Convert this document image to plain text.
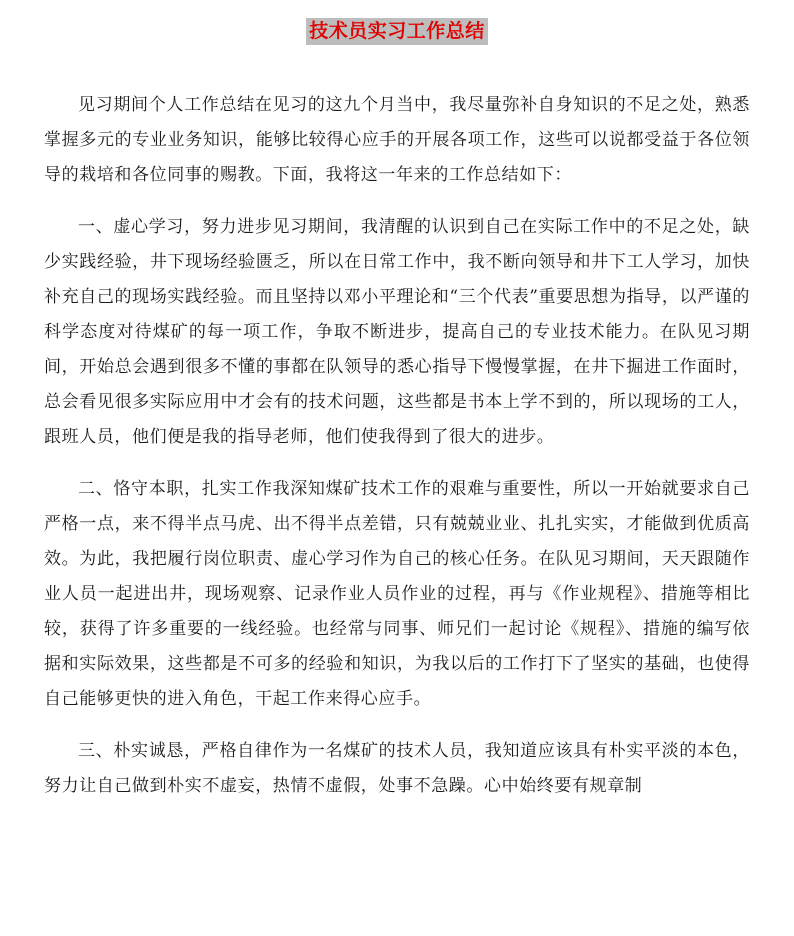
技术员实习工作总结

见习期间个人工作总结在见习的这九个月当中，我尽量弥补自身知识的不足之处，熟悉掌握多元的专业业务知识，能够比较得心应手的开展各项工作，这些可以说都受益于各位领导的栽培和各位同事的赐教。下面，我将这一年来的工作总结如下：

一、虚心学习，努力进步见习期间，我清醒的认识到自己在实际工作中的不足之处，缺少实践经验，井下现场经验匮乏，所以在日常工作中，我不断向领导和井下工人学习，加快补充自己的现场实践经验。而且坚持以邓小平理论和“三个代表”重要思想为指导，以严谨的科学态度对待煤矿的每一项工作，争取不断进步，提高自己的专业技术能力。在队见习期间，开始总会遇到很多不懂的事都在队领导的悉心指导下慢慢掌握，在井下掘进工作面时，总会看见很多实际应用中才会有的技术问题，这些都是书本上学不到的，所以现场的工人，跟班人员，他们便是我的指导老师，他们使我得到了很大的进步。

二、恪守本职，扎实工作我深知煤矿技术工作的艰难与重要性，所以一开始就要求自己严格一点，来不得半点马虎、出不得半点差错，只有兢兢业业、扎扎实实，才能做到优质高效。为此，我把履行岗位职责、虚心学习作为自己的核心任务。在队见习期间，天天跟随作业人员一起进出井，现场观察、记录作业人员作业的过程，再与《作业规程》、措施等相比较，获得了许多重要的一线经验。也经常与同事、师兄们一起讨论《规程》、措施的编写依据和实际效果，这些都是不可多的经验和知识，为我以后的工作打下了坚实的基础，也使得自己能够更快的进入角色，干起工作来得心应手。

三、朴实诚恳，严格自律作为一名煤矿的技术人员，我知道应该具有朴实平淡的本色，努力让自己做到朴实不虚妄，热情不虚假，处事不急躁。心中始终要有规章制
